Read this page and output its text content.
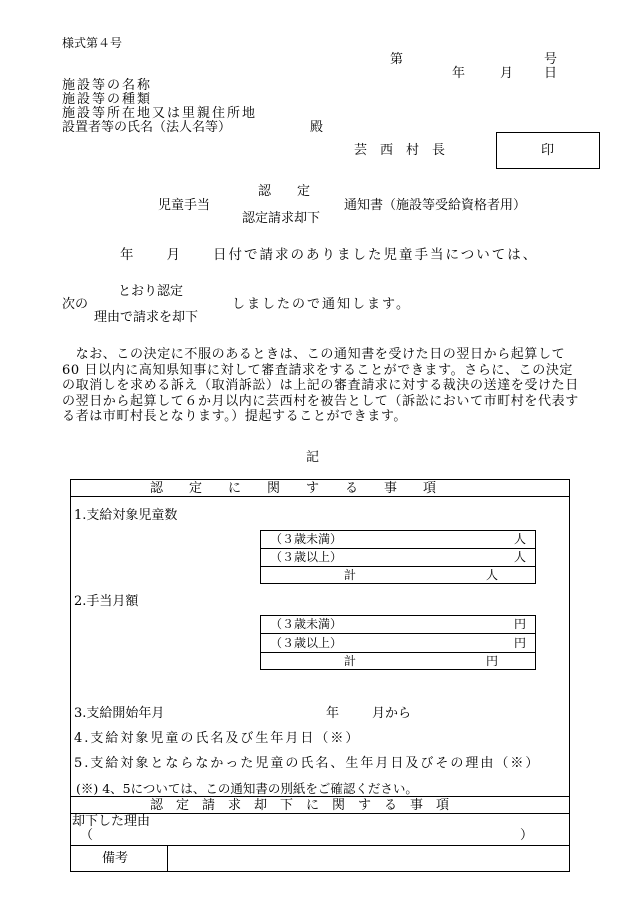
様式第４号
第	号
年	月 日
施設等の名称
施設等の種類
施設等所在地又は里親住所地
設置者等の氏名（法人名等）	殿
芸　西　村　長	印
認　　定
児童手当	通知書（施設等受給資格者用）
認定請求却下
年　　月　　日付で請求のありました児童手当については、
とおり認定
次の	しましたので通知します。
理由で請求を却下
　なお、この決定に不服のあるときは、この通知書を受けた日の翌日から起算して 60 日以内に高知県知事に対して審査請求をすることができます。さらに、この決定の取消しを求める訴え（取消訴訟）は上記の審査請求に対する裁決の送達を受けた日の翌日から起算して６か月以内に芸西村を被告として（訴訟において市町村を代表する者は市町村長となります。）提起することができます。
記
認　　定　　に　　関　　す　　る　　事　　項
1.支給対象児童数
（３歳未満）	人
（３歳以上）	人
計	人
2.手当月額
（３歳未満）	円
（３歳以上）	円
計	円
3.支給開始年月	年	月から
4.支給対象児童の氏名及び生年月日（※）
5.支給対象とならなかった児童の氏名、生年月日及びその理由（※）
(※) 4、5については、この通知書の別紙をご確認ください。
認　定　請　求　却　下　に　関　す　る　事　項
却下した理由
（	）
備考
